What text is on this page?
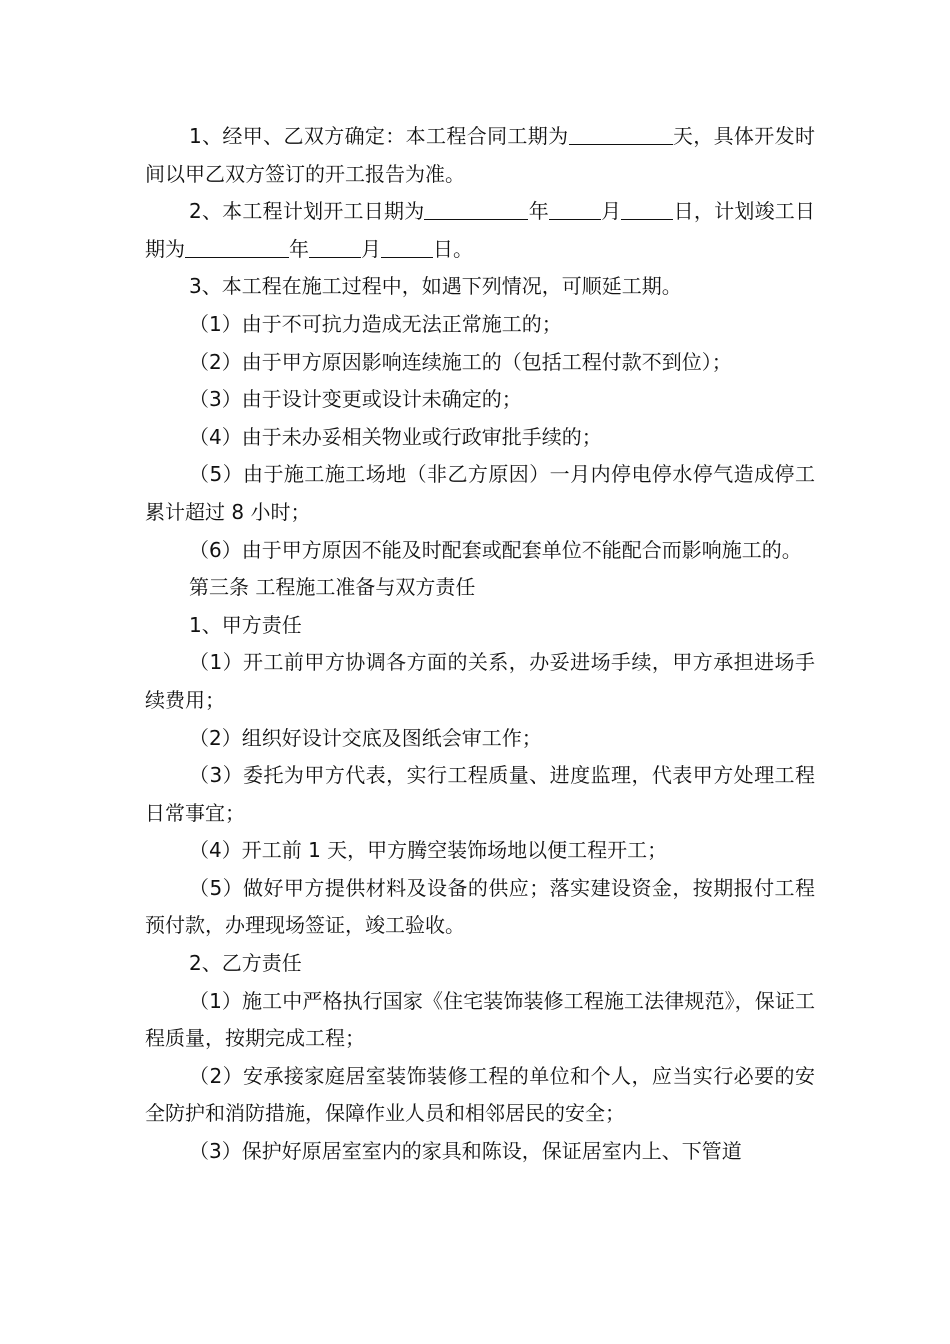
1、经甲、乙双方确定：本工程合同工期为	天，具体开发时间以甲乙双方签订的开工报告为准。

2、本工程计划开工日期为	年	月	日，计划竣工日期为	年	月	日。

3、本工程在施工过程中，如遇下列情况，可顺延工期。

（1）由于不可抗力造成无法正常施工的；

（2）由于甲方原因影响连续施工的（包括工程付款不到位）；

（3）由于设计变更或设计未确定的；

（4）由于未办妥相关物业或行政审批手续的；

（5）由于施工施工场地（非乙方原因）一月内停电停水停气造成停工累计超过 8 小时；

（6）由于甲方原因不能及时配套或配套单位不能配合而影响施工的。

第三条 工程施工准备与双方责任

1、甲方责任

（1）开工前甲方协调各方面的关系，办妥进场手续，甲方承担进场手续费用；

（2）组织好设计交底及图纸会审工作；

（3）委托为甲方代表，实行工程质量、进度监理，代表甲方处理工程日常事宜；

（4）开工前 1 天，甲方腾空装饰场地以便工程开工；

（5）做好甲方提供材料及设备的供应；落实建设资金，按期报付工程预付款，办理现场签证，竣工验收。

2、乙方责任

（1）施工中严格执行国家《住宅装饰装修工程施工法律规范》，保证工程质量，按期完成工程；

（2）安承接家庭居室装饰装修工程的单位和个人，应当实行必要的安全防护和消防措施，保障作业人员和相邻居民的安全；

（3）保护好原居室室内的家具和陈设，保证居室内上、下管道
